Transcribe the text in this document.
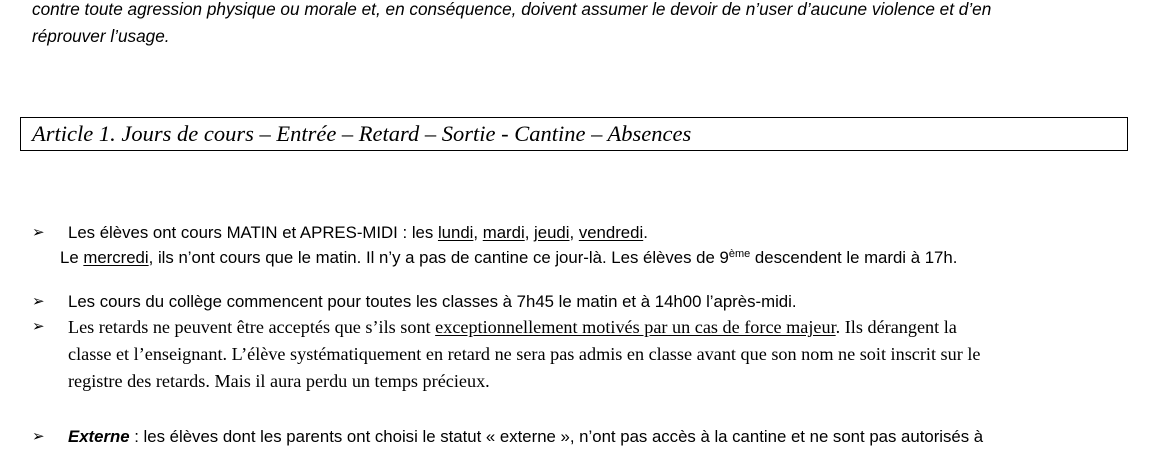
contre toute agression physique ou morale et, en conséquence, doivent assumer le devoir de n’user d’aucune violence et d’en
réprouver l’usage.
Article 1. Jours de cours – Entrée – Retard – Sortie - Cantine – Absences
➢ Les élèves ont cours MATIN et APRES-MIDI : les lundi, mardi, jeudi, vendredi.
Le mercredi, ils n’ont cours que le matin. Il n’y a pas de cantine ce jour-là. Les élèves de 9ème descendent le mardi à 17h.
➢ Les cours du collège commencent pour toutes les classes à 7h45 le matin et à 14h00 l’après-midi.
➢ Les retards ne peuvent être acceptés que s’ils sont exceptionnellement motivés par un cas de force majeur. Ils dérangent la
classe et l’enseignant. L’élève systématiquement en retard ne sera pas admis en classe avant que son nom ne soit inscrit sur le
registre des retards. Mais il aura perdu un temps précieux.
➢ Externe : les élèves dont les parents ont choisi le statut « externe », n’ont pas accès à la cantine et ne sont pas autorisés à
